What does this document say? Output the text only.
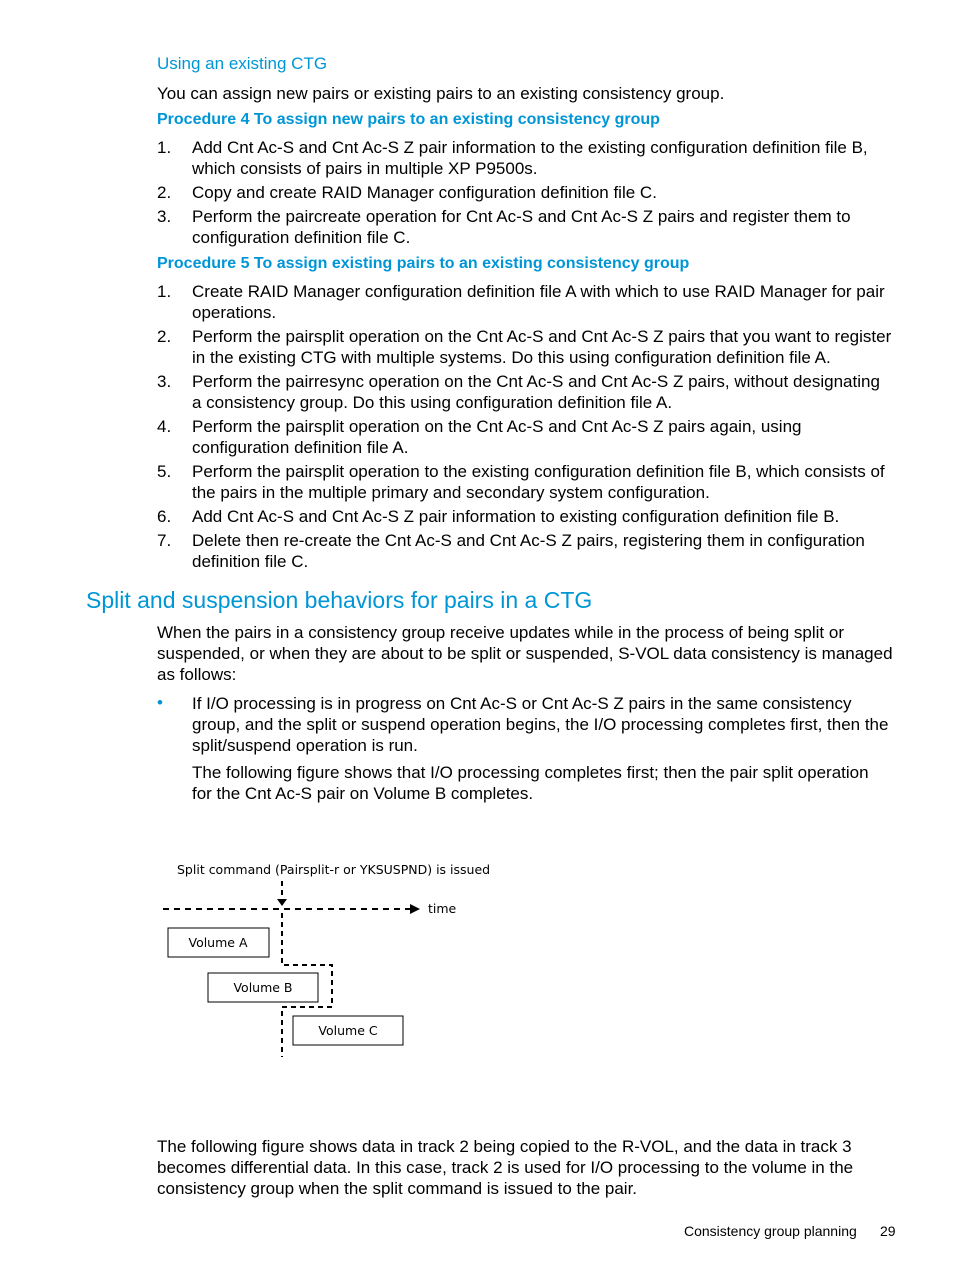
Using an existing CTG
You can assign new pairs or existing pairs to an existing consistency group.
Procedure 4 To assign new pairs to an existing consistency group
1. Add Cnt Ac-S and Cnt Ac-S Z pair information to the existing configuration definition file B, which consists of pairs in multiple XP P9500s.
2. Copy and create RAID Manager configuration definition file C.
3. Perform the paircreate operation for Cnt Ac-S and Cnt Ac-S Z pairs and register them to configuration definition file C.
Procedure 5 To assign existing pairs to an existing consistency group
1. Create RAID Manager configuration definition file A with which to use RAID Manager for pair operations.
2. Perform the pairsplit operation on the Cnt Ac-S and Cnt Ac-S Z pairs that you want to register in the existing CTG with multiple systems. Do this using configuration definition file A.
3. Perform the pairresync operation on the Cnt Ac-S and Cnt Ac-S Z pairs, without designating a consistency group. Do this using configuration definition file A.
4. Perform the pairsplit operation on the Cnt Ac-S and Cnt Ac-S Z pairs again, using configuration definition file A.
5. Perform the pairsplit operation to the existing configuration definition file B, which consists of the pairs in the multiple primary and secondary system configuration.
6. Add Cnt Ac-S and Cnt Ac-S Z pair information to existing configuration definition file B.
7. Delete then re-create the Cnt Ac-S and Cnt Ac-S Z pairs, registering them in configuration definition file C.
Split and suspension behaviors for pairs in a CTG
When the pairs in a consistency group receive updates while in the process of being split or suspended, or when they are about to be split or suspended, S-VOL data consistency is managed as follows:
• If I/O processing is in progress on Cnt Ac-S or Cnt Ac-S Z pairs in the same consistency group, and the split or suspend operation begins, the I/O processing completes first, then the split/suspend operation is run.
The following figure shows that I/O processing completes first; then the pair split operation for the Cnt Ac-S pair on Volume B completes.
Split command (Pairsplit-r or YKSUSPND) is issued
time
Volume A
Volume B
Volume C
The following figure shows data in track 2 being copied to the R-VOL, and the data in track 3 becomes differential data. In this case, track 2 is used for I/O processing to the volume in the consistency group when the split command is issued to the pair.
Consistency group planning 29
